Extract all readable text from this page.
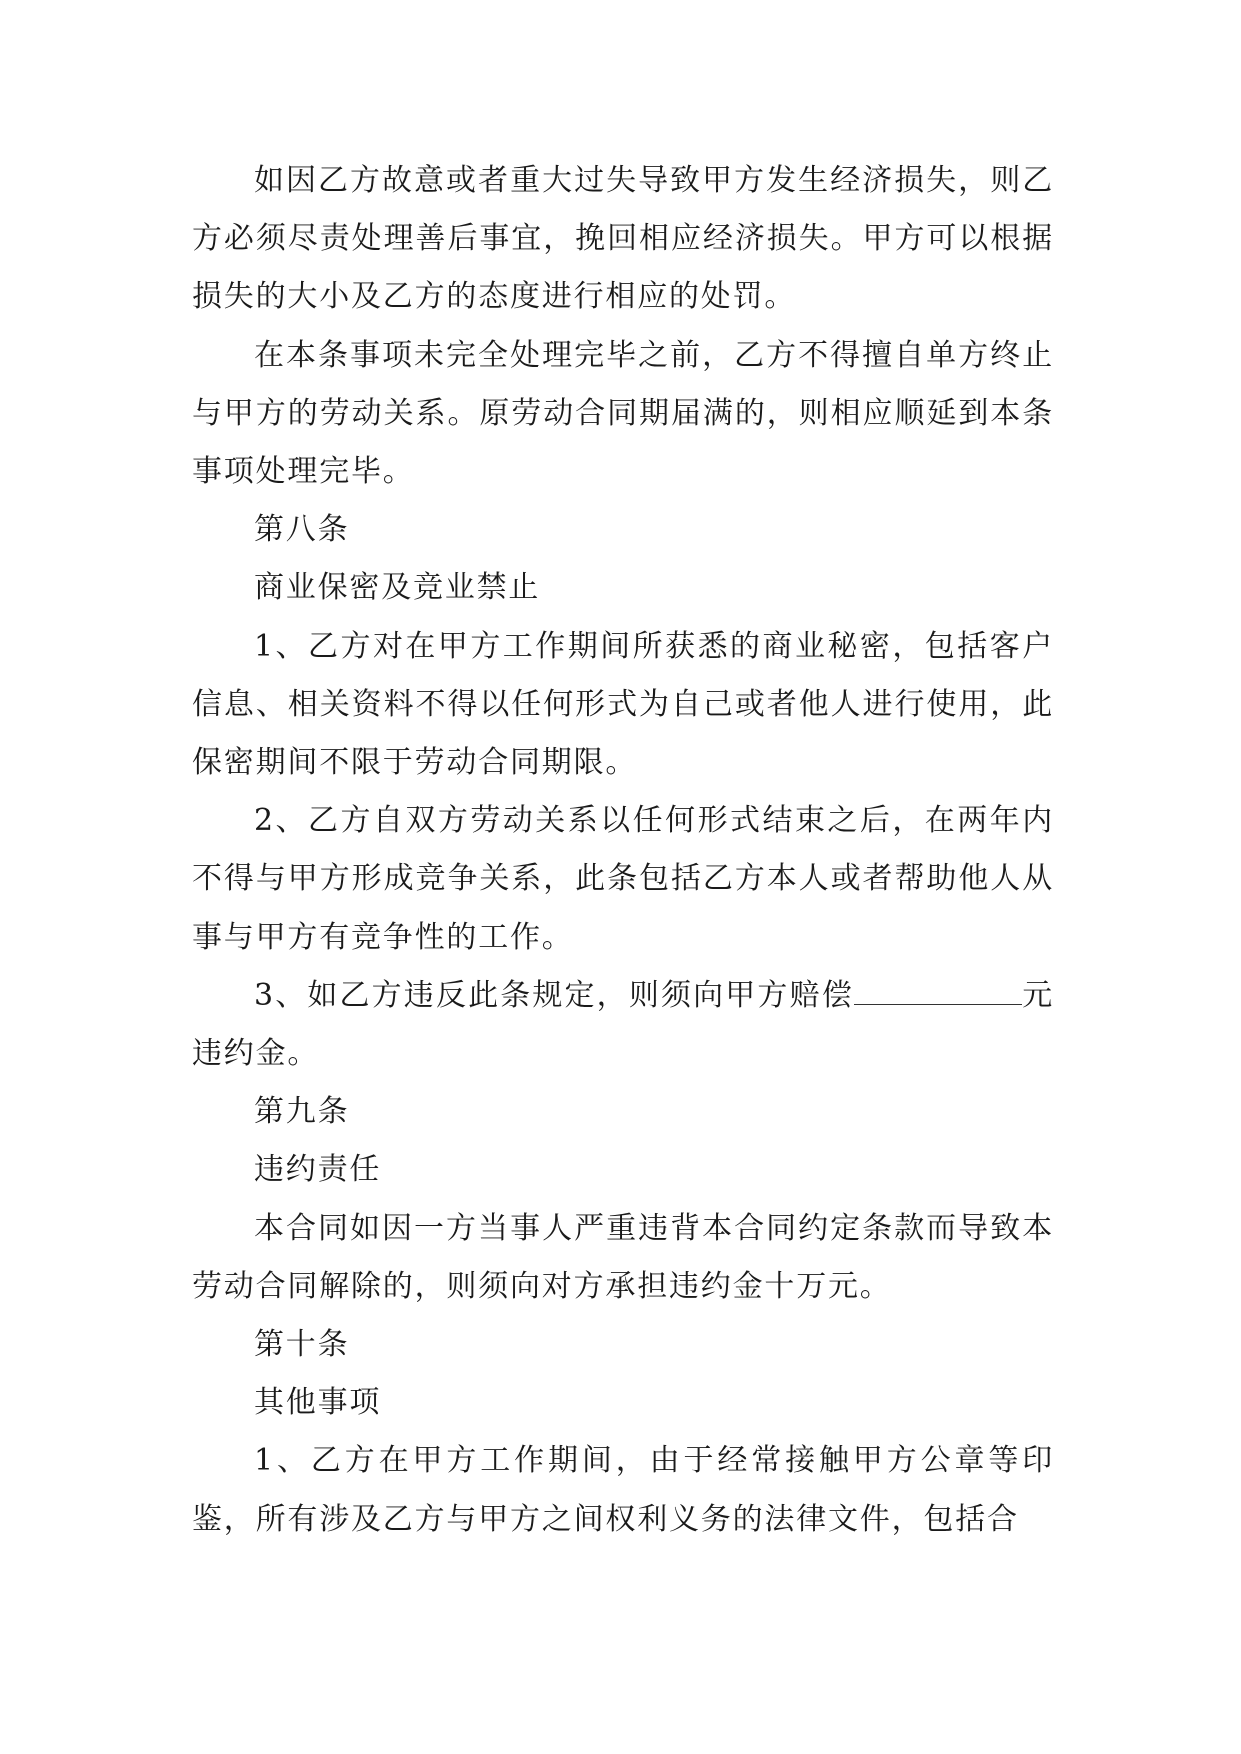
如因乙方故意或者重大过失导致甲方发生经济损失，则乙方必须尽责处理善后事宜，挽回相应经济损失。甲方可以根据损失的大小及乙方的态度进行相应的处罚。

在本条事项未完全处理完毕之前，乙方不得擅自单方终止与甲方的劳动关系。原劳动合同期届满的，则相应顺延到本条事项处理完毕。

第八条

商业保密及竞业禁止

1、乙方对在甲方工作期间所获悉的商业秘密，包括客户信息、相关资料不得以任何形式为自己或者他人进行使用，此保密期间不限于劳动合同期限。

2、乙方自双方劳动关系以任何形式结束之后，在两年内不得与甲方形成竞争关系，此条包括乙方本人或者帮助他人从事与甲方有竞争性的工作。

3、如乙方违反此条规定，则须向甲方赔偿	元违约金。

第九条

违约责任

本合同如因一方当事人严重违背本合同约定条款而导致本劳动合同解除的，则须向对方承担违约金十万元。

第十条

其他事项

1、乙方在甲方工作期间，由于经常接触甲方公章等印鉴，所有涉及乙方与甲方之间权利义务的法律文件，包括合
